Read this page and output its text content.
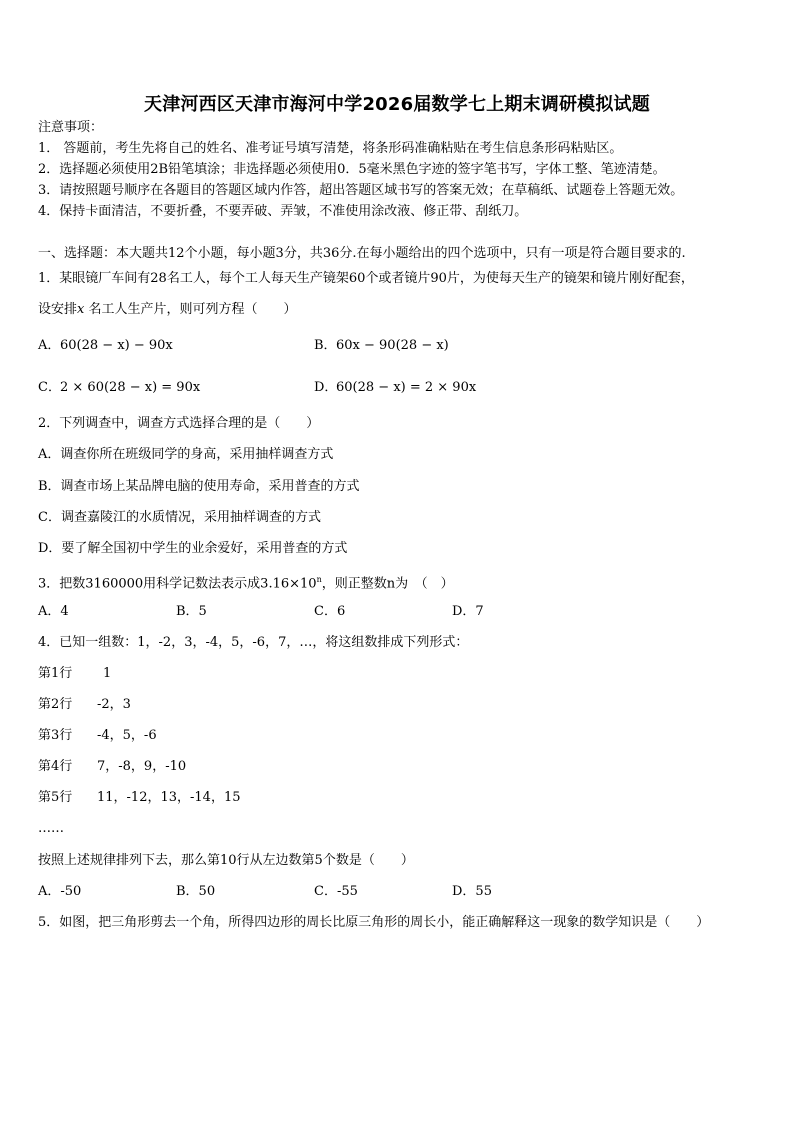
天津河西区天津市海河中学2026届数学七上期末调研模拟试题
注意事项：
1． 答题前，考生先将自己的姓名、准考证号填写清楚，将条形码准确粘贴在考生信息条形码粘贴区。
2．选择题必须使用2B铅笔填涂；非选择题必须使用0．5毫米黑色字迹的签字笔书写，字体工整、笔迹清楚。
3．请按照题号顺序在各题目的答题区域内作答，超出答题区域书写的答案无效；在草稿纸、试题卷上答题无效。
4．保持卡面清洁，不要折叠，不要弄破、弄皱，不准使用涂改液、修正带、刮纸刀。
一、选择题：本大题共12个小题，每小题3分，共36分.在每小题给出的四个选项中，只有一项是符合题目要求的.
1．某眼镜厂车间有28名工人，每个工人每天生产镜架60个或者镜片90片，为使每天生产的镜架和镜片刚好配套，
设安排x 名工人生产片，则可列方程（　　）
A．60(28 − x) − 90x	B．60x − 90(28 − x)
C．2 × 60(28 − x) = 90x	D．60(28 − x) = 2 × 90x
2．下列调查中，调查方式选择合理的是（　　）
A．调查你所在班级同学的身高，采用抽样调查方式
B．调查市场上某品牌电脑的使用寿命，采用普查的方式
C．调查嘉陵江的水质情况，采用抽样调查的方式
D．要了解全国初中学生的业余爱好，采用普查的方式
3．把数3160000用科学记数法表示成$3.16\times 10^n$，则正整数n为　（　）
A．4	B．5	C．6	D．7
4．已知一组数：1，-2，3，-4，5，-6，7，…，将这组数排成下列形式：
第1行 1
第2行 -2，3
第3行 -4，5，-6
第4行 7，-8，9，-10
第5行 11，-12，13，-14，15
……
按照上述规律排列下去，那么第10行从左边数第5个数是（　　）
A．-50	B．50	C．-55	D．55
5．如图，把三角形剪去一个角，所得四边形的周长比原三角形的周长小，能正确解释这一现象的数学知识是（　　）
